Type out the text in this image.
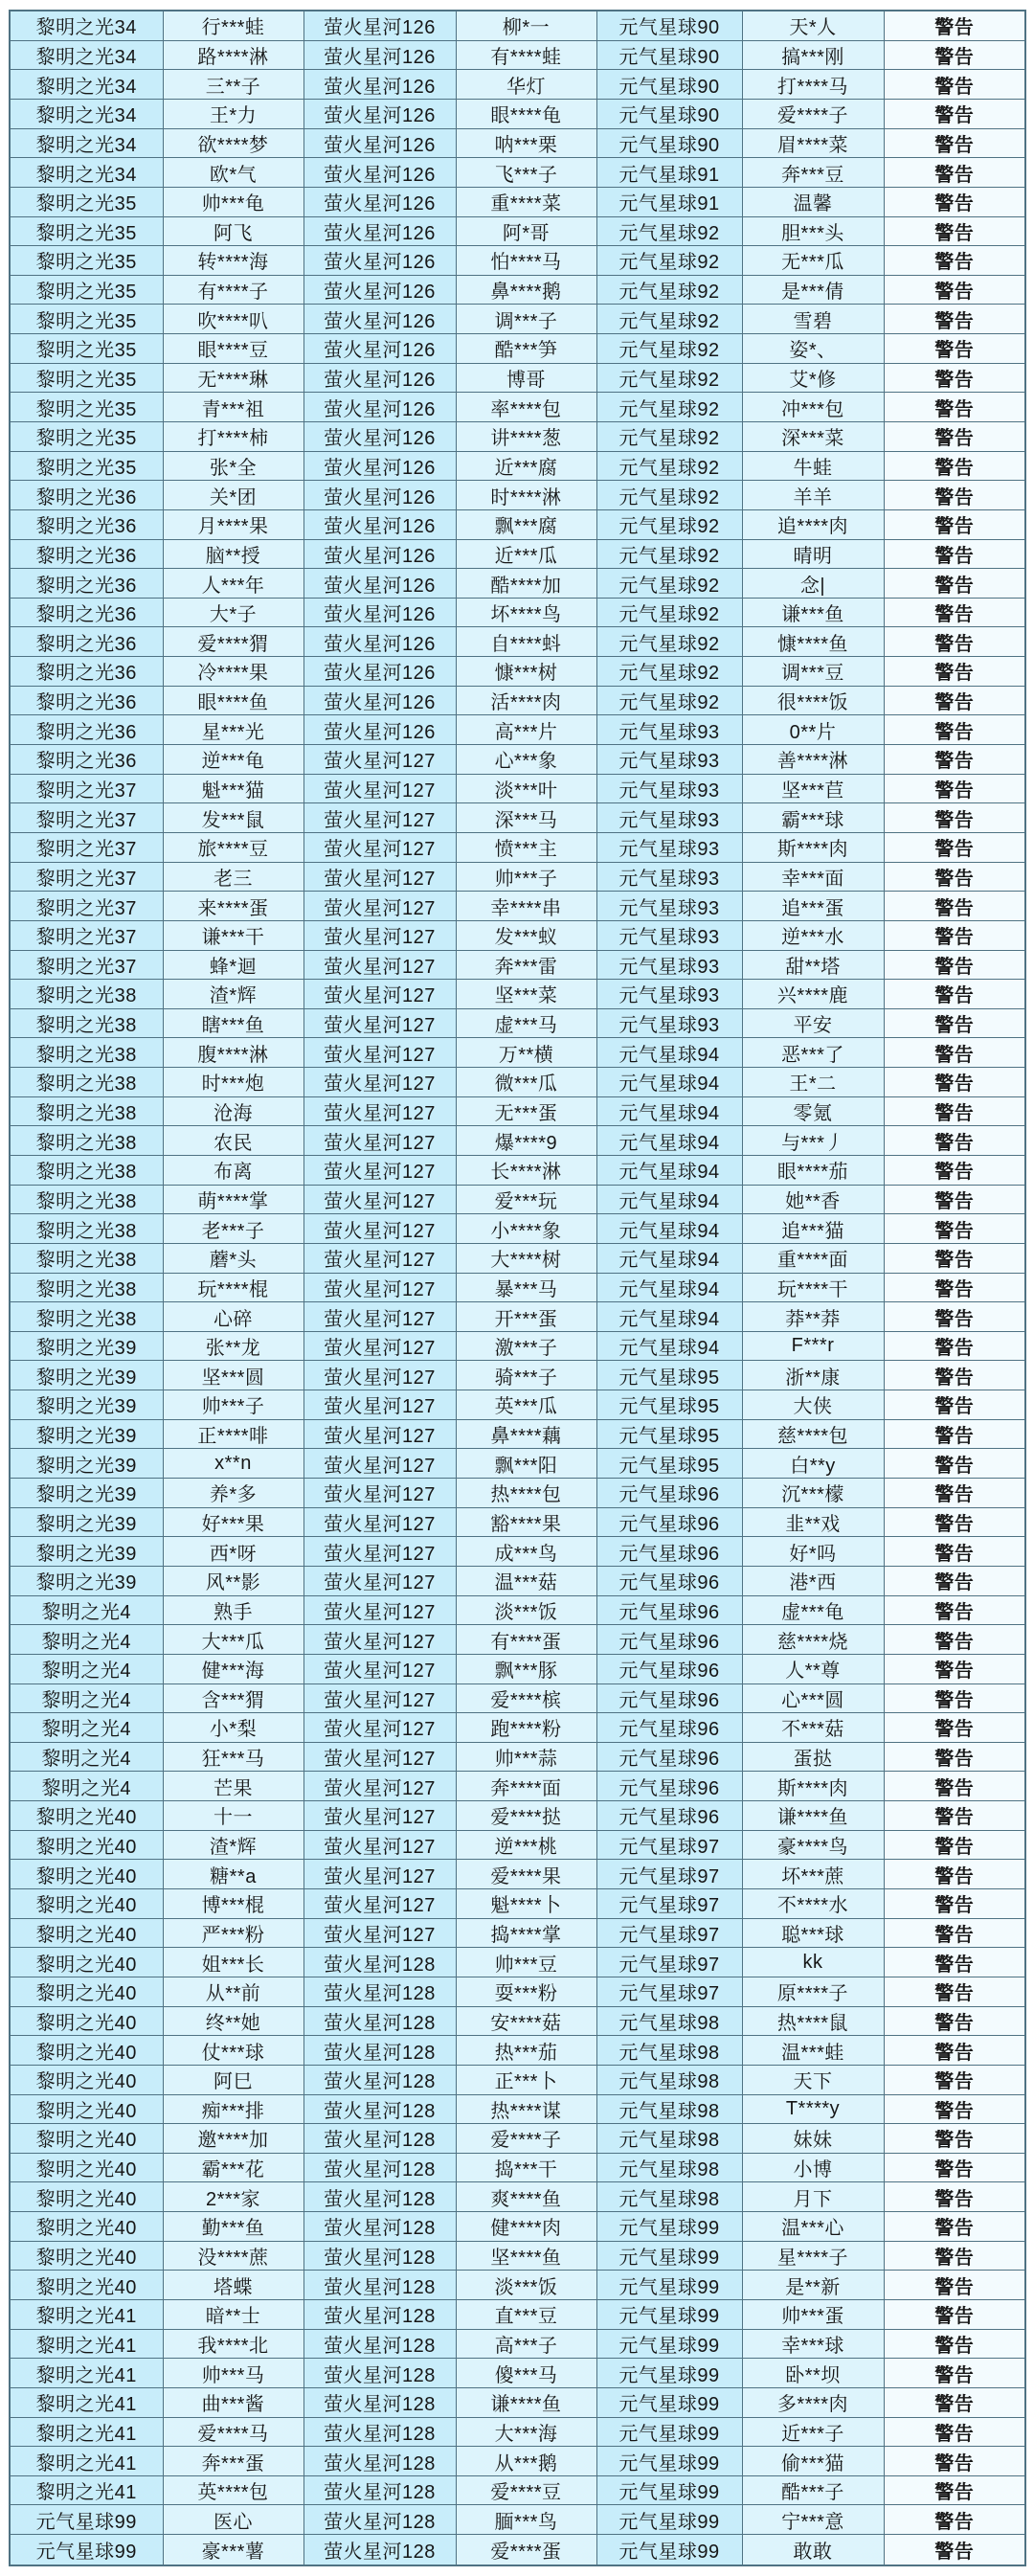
黎明之光34	行***蛙	萤火星河126	柳*一	元气星球90	天*人	警告
黎明之光34	路****淋	萤火星河126	有****蛙	元气星球90	搞***刚	警告
黎明之光34	三**子	萤火星河126	华灯	元气星球90	打****马	警告
黎明之光34	王*力	萤火星河126	眼****龟	元气星球90	爱****子	警告
黎明之光34	欲****梦	萤火星河126	呐***栗	元气星球90	眉****菜	警告
黎明之光34	欧*气	萤火星河126	飞***子	元气星球91	奔***豆	警告
黎明之光35	帅***龟	萤火星河126	重****菜	元气星球91	温馨	警告
黎明之光35	阿飞	萤火星河126	阿*哥	元气星球92	胆***头	警告
黎明之光35	转****海	萤火星河126	怕****马	元气星球92	无***瓜	警告
黎明之光35	有****子	萤火星河126	鼻****鹅	元气星球92	是***倩	警告
黎明之光35	吹****叭	萤火星河126	调***子	元气星球92	雪碧	警告
黎明之光35	眼****豆	萤火星河126	酷***笋	元气星球92	姿*、	警告
黎明之光35	无****琳	萤火星河126	博哥	元气星球92	艾*修	警告
黎明之光35	青***祖	萤火星河126	率****包	元气星球92	冲***包	警告
黎明之光35	打****柿	萤火星河126	讲****葱	元气星球92	深***菜	警告
黎明之光35	张*全	萤火星河126	近***腐	元气星球92	牛蛙	警告
黎明之光36	关*团	萤火星河126	时****淋	元气星球92	羊羊	警告
黎明之光36	月****果	萤火星河126	飘***腐	元气星球92	追****肉	警告
黎明之光36	脑**授	萤火星河126	近***瓜	元气星球92	晴明	警告
黎明之光36	人***年	萤火星河126	酷****加	元气星球92	念|	警告
黎明之光36	大*子	萤火星河126	坏****鸟	元气星球92	谦***鱼	警告
黎明之光36	爱****猬	萤火星河126	自****蚪	元气星球92	慷****鱼	警告
黎明之光36	冷****果	萤火星河126	慷***树	元气星球92	调***豆	警告
黎明之光36	眼****鱼	萤火星河126	活****肉	元气星球92	很****饭	警告
黎明之光36	星***光	萤火星河126	高***片	元气星球93	0**片	警告
黎明之光36	逆***龟	萤火星河127	心***象	元气星球93	善****淋	警告
黎明之光37	魁***猫	萤火星河127	淡***叶	元气星球93	坚***苣	警告
黎明之光37	发***鼠	萤火星河127	深***马	元气星球93	霸***球	警告
黎明之光37	旅****豆	萤火星河127	愤***主	元气星球93	斯****肉	警告
黎明之光37	老三	萤火星河127	帅***子	元气星球93	幸***面	警告
黎明之光37	来****蛋	萤火星河127	幸****串	元气星球93	追***蛋	警告
黎明之光37	谦***干	萤火星河127	发***蚁	元气星球93	逆***水	警告
黎明之光37	蜂*迴	萤火星河127	奔***雷	元气星球93	甜**塔	警告
黎明之光38	渣*辉	萤火星河127	坚***菜	元气星球93	兴****鹿	警告
黎明之光38	瞎***鱼	萤火星河127	虚***马	元气星球93	平安	警告
黎明之光38	腹****淋	萤火星河127	万**横	元气星球94	恶***了	警告
黎明之光38	时***炮	萤火星河127	微***瓜	元气星球94	王*二	警告
黎明之光38	沧海	萤火星河127	无***蛋	元气星球94	零氪	警告
黎明之光38	农民	萤火星河127	爆****9	元气星球94	与***丿	警告
黎明之光38	布离	萤火星河127	长****淋	元气星球94	眼****茄	警告
黎明之光38	萌****掌	萤火星河127	爱***玩	元气星球94	她**香	警告
黎明之光38	老***子	萤火星河127	小****象	元气星球94	追***猫	警告
黎明之光38	蘑*头	萤火星河127	大****树	元气星球94	重****面	警告
黎明之光38	玩****棍	萤火星河127	暴***马	元气星球94	玩****干	警告
黎明之光38	心碎	萤火星河127	开***蛋	元气星球94	莽**莽	警告
黎明之光39	张**龙	萤火星河127	激***子	元气星球94	F***r	警告
黎明之光39	坚***圆	萤火星河127	骑***子	元气星球95	浙**康	警告
黎明之光39	帅***子	萤火星河127	英***瓜	元气星球95	大侠	警告
黎明之光39	正****啡	萤火星河127	鼻****藕	元气星球95	慈****包	警告
黎明之光39	x**n	萤火星河127	飘***阳	元气星球95	白**y	警告
黎明之光39	养*多	萤火星河127	热****包	元气星球96	沉***檬	警告
黎明之光39	好***果	萤火星河127	豁****果	元气星球96	韭**戏	警告
黎明之光39	西*呀	萤火星河127	成***鸟	元气星球96	好*吗	警告
黎明之光39	风**影	萤火星河127	温***菇	元气星球96	港*西	警告
黎明之光4	熟手	萤火星河127	淡***饭	元气星球96	虚***龟	警告
黎明之光4	大***瓜	萤火星河127	有****蛋	元气星球96	慈****烧	警告
黎明之光4	健***海	萤火星河127	飘***豚	元气星球96	人**尊	警告
黎明之光4	含***猬	萤火星河127	爱****槟	元气星球96	心***圆	警告
黎明之光4	小*梨	萤火星河127	跑****粉	元气星球96	不***菇	警告
黎明之光4	狂***马	萤火星河127	帅***蒜	元气星球96	蛋挞	警告
黎明之光4	芒果	萤火星河127	奔****面	元气星球96	斯****肉	警告
黎明之光40	十一	萤火星河127	爱****挞	元气星球96	谦****鱼	警告
黎明之光40	渣*辉	萤火星河127	逆***桃	元气星球97	豪****鸟	警告
黎明之光40	糖**a	萤火星河127	爱****果	元气星球97	坏***蔗	警告
黎明之光40	博***棍	萤火星河127	魁****卜	元气星球97	不****水	警告
黎明之光40	严***粉	萤火星河127	捣****掌	元气星球97	聪***球	警告
黎明之光40	姐***长	萤火星河128	帅***豆	元气星球97	kk	警告
黎明之光40	从**前	萤火星河128	耍***粉	元气星球97	原****子	警告
黎明之光40	终**她	萤火星河128	安****菇	元气星球98	热****鼠	警告
黎明之光40	仗***球	萤火星河128	热***茄	元气星球98	温***蛙	警告
黎明之光40	阿巳	萤火星河128	正***卜	元气星球98	天下	警告
黎明之光40	痴***排	萤火星河128	热****谋	元气星球98	T****y	警告
黎明之光40	邀****加	萤火星河128	爱****子	元气星球98	妹妹	警告
黎明之光40	霸***花	萤火星河128	捣***干	元气星球98	小博	警告
黎明之光40	2***家	萤火星河128	爽****鱼	元气星球98	月下	警告
黎明之光40	勤***鱼	萤火星河128	健****肉	元气星球99	温***心	警告
黎明之光40	没****蔗	萤火星河128	坚****鱼	元气星球99	星****子	警告
黎明之光40	塔蝶	萤火星河128	淡***饭	元气星球99	是**新	警告
黎明之光41	暗**士	萤火星河128	直***豆	元气星球99	帅***蛋	警告
黎明之光41	我****北	萤火星河128	高***子	元气星球99	幸***球	警告
黎明之光41	帅***马	萤火星河128	傻***马	元气星球99	卧**坝	警告
黎明之光41	曲***酱	萤火星河128	谦****鱼	元气星球99	多****肉	警告
黎明之光41	爱****马	萤火星河128	大***海	元气星球99	近***子	警告
黎明之光41	奔***蛋	萤火星河128	从***鹅	元气星球99	偷***猫	警告
黎明之光41	英****包	萤火星河128	爱****豆	元气星球99	酷***子	警告
元气星球99	医心	萤火星河128	腼***鸟	元气星球99	宁***意	警告
元气星球99	豪***薯	萤火星河128	爱****蛋	元气星球99	敢敢	警告
